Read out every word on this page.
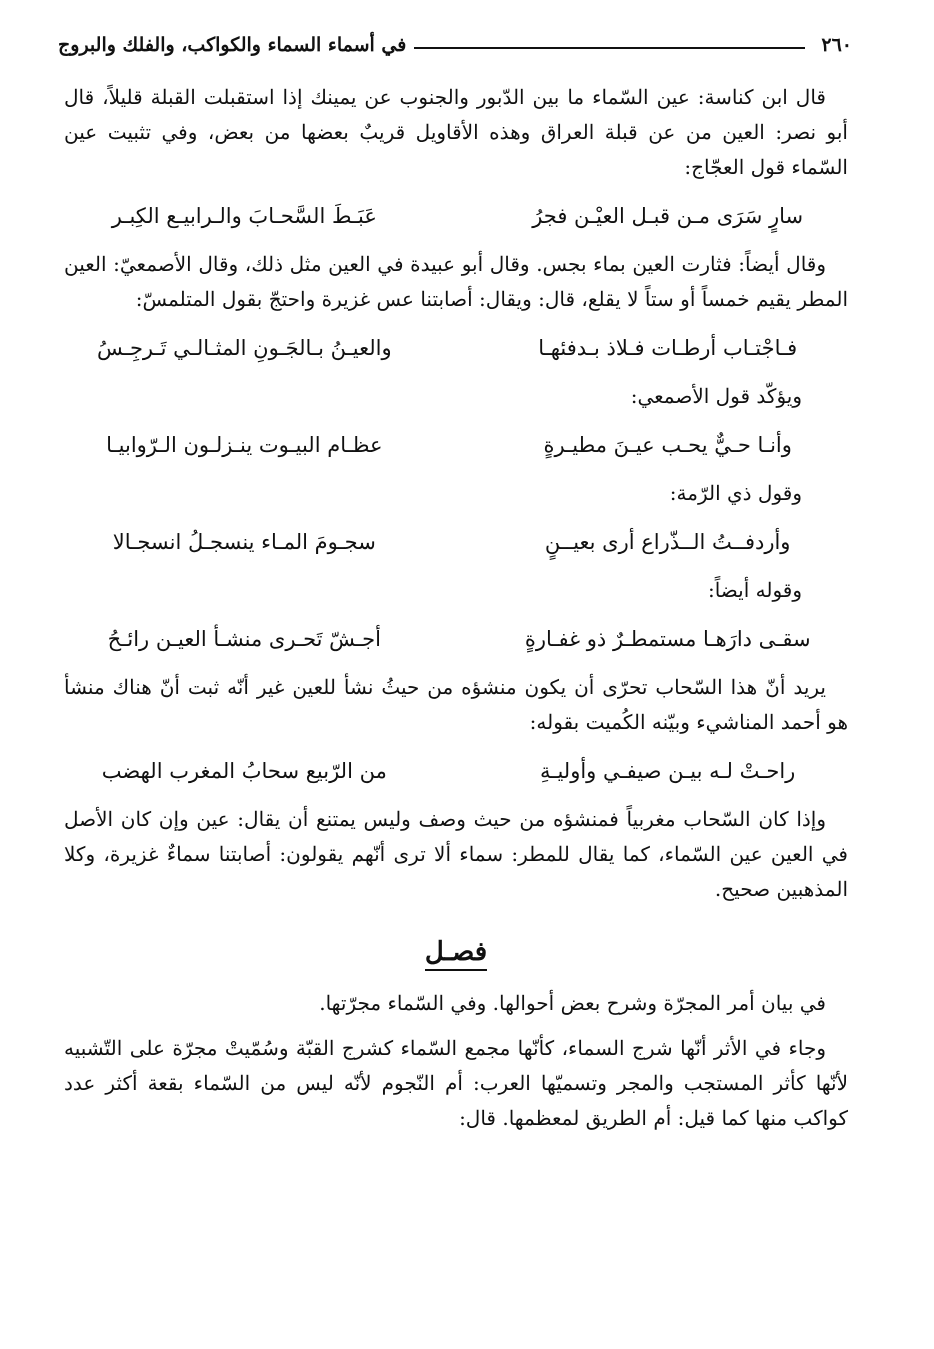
٢٦٠
في أسماء السماء والكواكب، والفلك والبروج

قال ابن كناسة: عين السّماء ما بين الدّبور والجنوب عن يمينك إذا استقبلت القبلة قليلاً، قال أبو نصر: العين من عن قبلة العراق وهذه الأقاويل قريبٌ بعضها من بعض، وفي تثبيت عين السّماء قول العجّاج:

سارٍ سَرَى مـن قبـل العيْـن فجرُ
عَبَـطَ السَّحـابَ والـرابيـع الكِبـر

وقال أيضاً: فثارت العين بماء بجس. وقال أبو عبيدة في العين مثل ذلك، وقال الأصمعيّ: العين المطر يقيم خمساً أو ستاً لا يقلع، قال: ويقال: أصابتنا عس غزيرة واحتجّ بقول المتلمسّ:

فـاجْتـاب أرطـات فـلاذ بـدفئهـا
والعيـنُ بـالجَـونِ المثـالـي تَـرجِـسُ

ويؤكّد قول الأصمعي:

وأنـا حـيٌّ يحـب عيـنَ مطيـرةٍ
عظـام البيـوت ينـزلـون الـرّوابيـا

وقول ذي الرّمة:

وأردفــتُ الــذّراع أرى بعيــنٍ
سجـومَ المـاء ينسجـلُ انسجـالا

وقوله أيضاً:

سقـى دارَهـا مستمطـرٌ ذو غفـارةٍ
أجـشّ تَحـرى منشـأ العيـن رائـحُ

يريد أنّ هذا السّحاب تحرّى أن يكون منشؤه من حيثُ نشأ للعين غير أنّه ثبت أنّ هناك منشأ هو أحمد المناشيء وبيّنه الكُميت بقوله:

راحـتْ لـه بيـن صيفـي وأوليـةِ
من الرّبيع سحابُ المغرب الهضب

وإذا كان السّحاب مغربياً فمنشؤه من حيث وصف وليس يمتنع أن يقال: عين وإن كان الأصل في العين عين السّماء، كما يقال للمطر: سماء ألا ترى أنّهم يقولون: أصابتنا سماءٌ غزيرة، وكلا المذهبين صحيح.

فصـل

في بيان أمر المجرّة وشرح بعض أحوالها. وفي السّماء مجرّتها.

وجاء في الأثر أنّها شرج السماء، كأنّها مجمع السّماء كشرج القبّة وسُمّيتْ مجرّة على التّشبيه لأنّها كأثر المستجب والمجر وتسميّها العرب: أم النّجوم لأنّه ليس من السّماء بقعة أكثر عدد كواكب منها كما قيل: أم الطريق لمعظمها. قال:
